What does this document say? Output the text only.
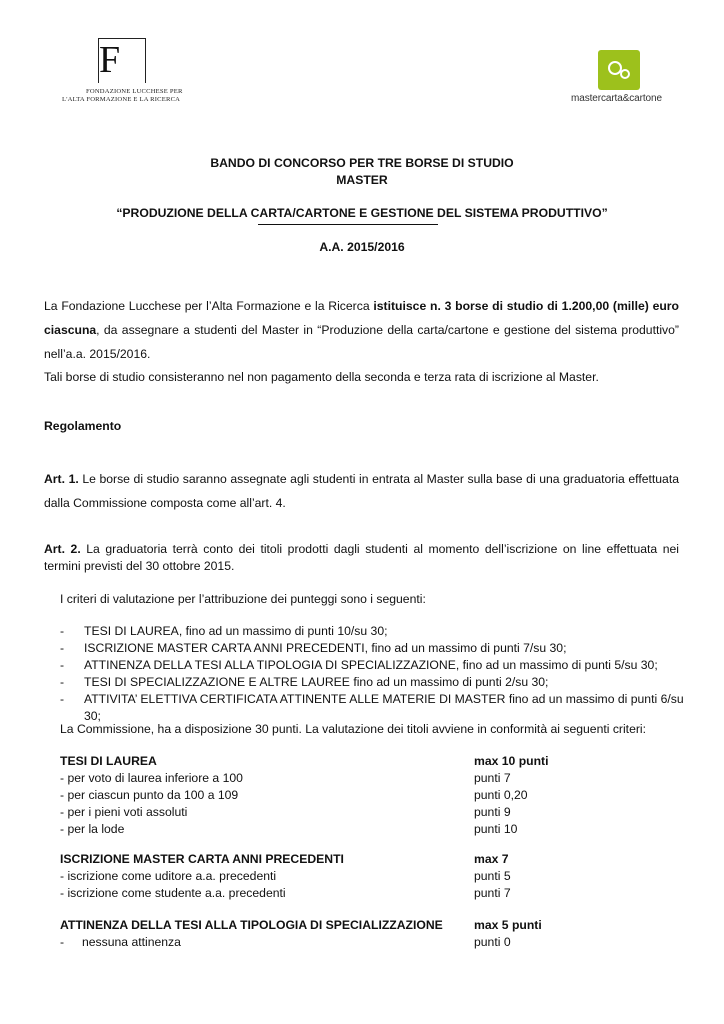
F
FONDAZIONE LUCCHESE PER
L'ALTA FORMAZIONE E LA RICERCA	mastercarta&cartone
BANDO DI CONCORSO PER TRE BORSE DI STUDIO
MASTER
“PRODUZIONE DELLA CARTA/CARTONE E GESTIONE DEL SISTEMA PRODUTTIVO”
A.A. 2015/2016
La Fondazione Lucchese per l’Alta Formazione e la Ricerca istituisce n. 3 borse di studio di 1.200,00 (mille) euro ciascuna, da assegnare a studenti del Master in “Produzione della carta/cartone e gestione del sistema produttivo” nell’a.a. 2015/2016.
Tali borse di studio consisteranno nel non pagamento della seconda e terza rata di iscrizione al Master.
Regolamento
Art. 1. Le borse di studio saranno assegnate agli studenti in entrata al Master sulla base di una graduatoria effettuata dalla Commissione composta come all’art. 4.
Art. 2. La graduatoria terrà conto dei titoli prodotti dagli studenti al momento dell’iscrizione on line effettuata nei termini previsti del 30 ottobre 2015.
I criteri di valutazione per l’attribuzione dei punteggi sono i seguenti:
-	TESI DI LAUREA, fino ad un massimo di punti 10/su 30;
-	ISCRIZIONE MASTER CARTA ANNI PRECEDENTI, fino ad un massimo di punti 7/su 30;
-	ATTINENZA DELLA TESI ALLA TIPOLOGIA DI SPECIALIZZAZIONE, fino ad un massimo di punti 5/su 30;
-	TESI DI SPECIALIZZAZIONE E ALTRE LAUREE fino ad un massimo di punti 2/su 30;
-	ATTIVITA’ ELETTIVA CERTIFICATA ATTINENTE ALLE MATERIE DI MASTER fino ad un massimo di punti 6/su 30;
La Commissione, ha a disposizione 30 punti. La valutazione dei titoli avviene in conformità ai seguenti criteri:
TESI DI LAUREA	max 10 punti
- per voto di laurea inferiore a 100	punti 7
- per ciascun punto da 100 a 109	punti 0,20
- per i pieni voti assoluti	punti 9
- per la lode	punti 10
ISCRIZIONE MASTER CARTA ANNI PRECEDENTI	max 7
- iscrizione come uditore a.a. precedenti	punti 5
- iscrizione come studente a.a. precedenti	punti 7
ATTINENZA DELLA TESI ALLA TIPOLOGIA DI SPECIALIZZAZIONE	max 5 punti
-	nessuna attinenza	punti 0
